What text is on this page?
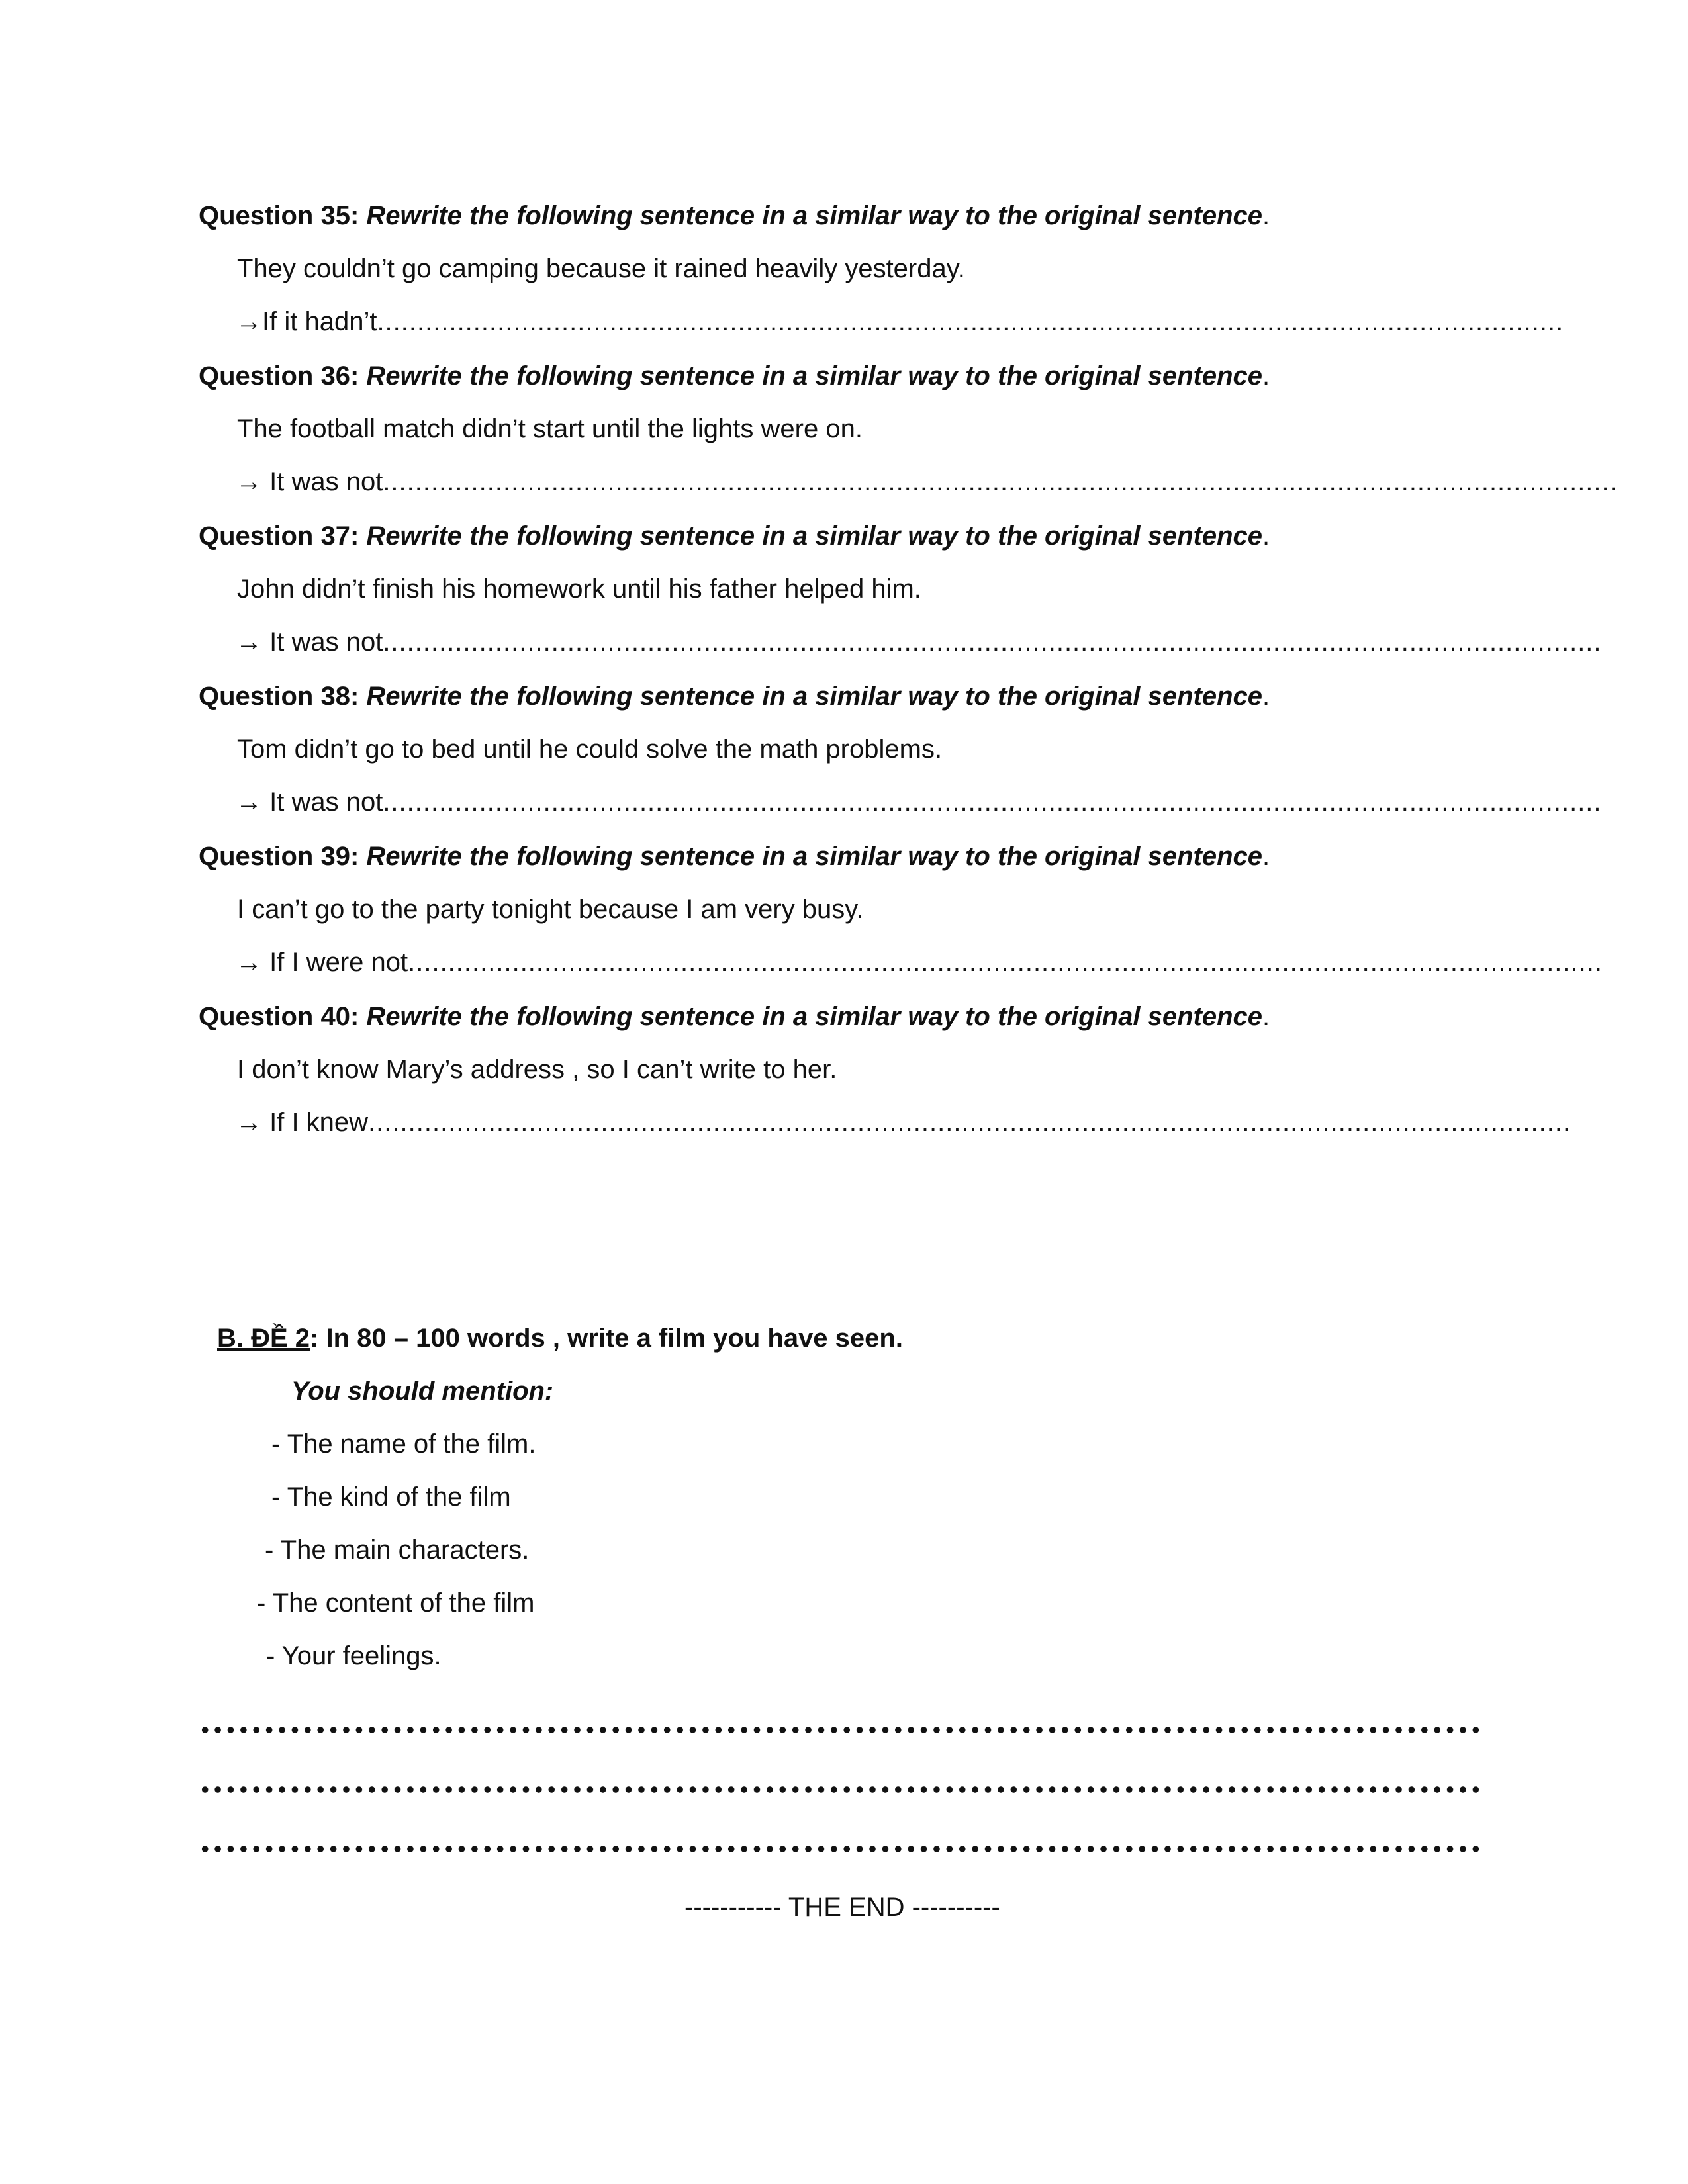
Question 35: Rewrite the following sentence in a similar way to the original sentence.
They couldn’t go camping because it rained heavily yesterday.
→If it hadn’t....................................................................................................................................................
Question 36: Rewrite the following sentence in a similar way to the original sentence.
The football match didn’t start until the lights were on.
→ It was not..........................................................................................................................................................
Question 37: Rewrite the following sentence in a similar way to the original sentence.
John didn’t finish his homework until his father helped him.
→ It was not........................................................................................................................................................
Question 38: Rewrite the following sentence in a similar way to the original sentence.
Tom didn’t go to bed until he could solve the math problems.
→ It was not........................................................................................................................................................
Question 39: Rewrite the following sentence in a similar way to the original sentence.
I can’t go to the party tonight because I am very busy.
→ If I were not.....................................................................................................................................................
Question 40: Rewrite the following sentence in a similar way to the original sentence.
I don’t know Mary’s address , so I can’t write to her.
→ If I knew......................................................................................................................................................
B. ĐỀ 2: In 80 – 100 words , write a film you have seen.
You should mention:
- The name of the film.
- The kind of the film
- The main characters.
- The content of the film
- Your feelings.
----------- THE END ----------
